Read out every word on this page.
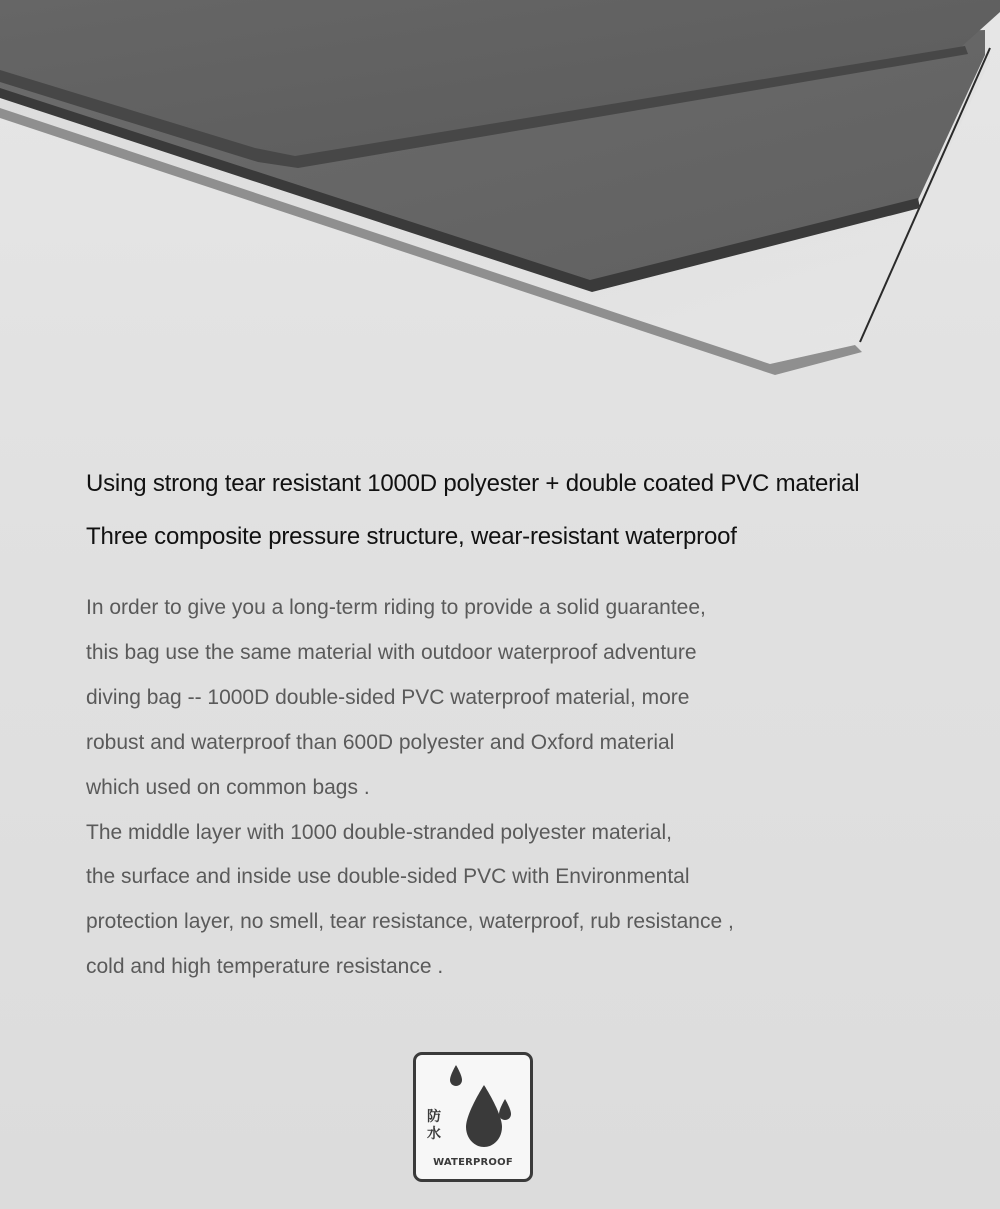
Using strong tear resistant 1000D polyester + double coated PVC material
Three composite pressure structure, wear-resistant waterproof
In order to give you a long-term riding to provide a solid guarantee,
this bag use the same material with outdoor waterproof adventure
diving bag -- 1000D double-sided PVC waterproof material, more
robust and waterproof than 600D polyester and Oxford material
which used on common bags .
The middle layer with 1000 double-stranded polyester material,
the surface and inside use double-sided PVC with Environmental
protection layer, no smell, tear resistance, waterproof, rub resistance ,
cold and high temperature resistance .
防
水
WATERPROOF
